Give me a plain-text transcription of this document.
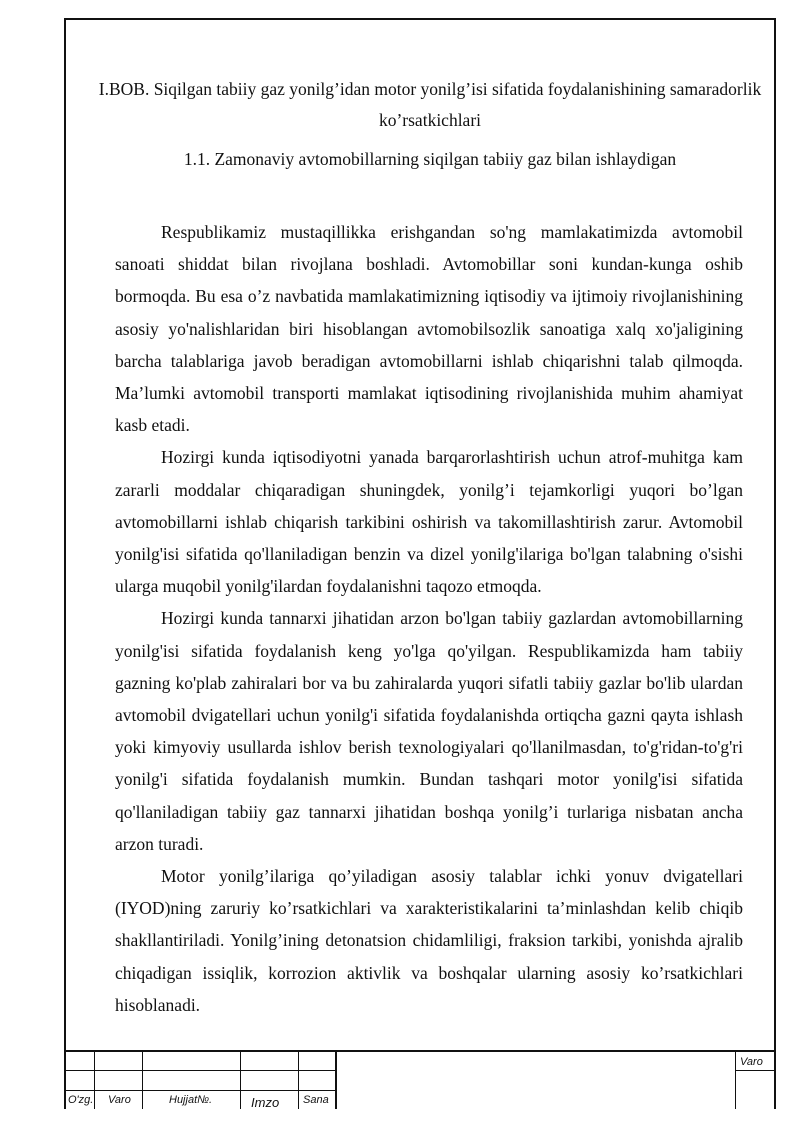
I.BOB. Siqilgan tabiiy gaz yonilg’idan motor yonilg’isi sifatida foydalanishining samaradorlik ko’rsatkichlari
1.1. Zamonaviy avtomobillarning siqilgan tabiiy gaz bilan ishlaydigan

Respublikamiz mustaqillikka erishgandan so'ng mamlakatimizda avtomobil sanoati shiddat bilan rivojlana boshladi. Avtomobillar soni kundan-kunga oshib bormoqda. Bu esa o’z navbatida mamlakatimizning iqtisodiy va ijtimoiy rivojlanishining asosiy yo'nalishlaridan biri hisoblangan avtomobilsozlik sanoatiga xalq xo'jaligining barcha talablariga javob beradigan avtomobillarni ishlab chiqarishni talab qilmoqda. Ma’lumki avtomobil transporti mamlakat iqtisodining rivojlanishida muhim ahamiyat kasb etadi.

Hozirgi kunda iqtisodiyotni yanada barqarorlashtirish uchun atrof-muhitga kam zararli moddalar chiqaradigan shuningdek, yonilg’i tejamkorligi yuqori bo’lgan avtomobillarni ishlab chiqarish tarkibini oshirish va takomillashtirish zarur. Avtomobil yonilg'isi sifatida qo'llaniladigan benzin va dizel yonilg'ilariga bo'lgan talabning o'sishi ularga muqobil yonilg'ilardan foydalanishni taqozo etmoqda.

Hozirgi kunda tannarxi jihatidan arzon bo'lgan tabiiy gazlardan avtomobillarning yonilg'isi sifatida foydalanish keng yo'lga qo'yilgan. Respublikamizda ham tabiiy gazning ko'plab zahiralari bor va bu zahiralarda yuqori sifatli tabiiy gazlar bo'lib ulardan avtomobil dvigatellari uchun yonilg'i sifatida foydalanishda ortiqcha gazni qayta ishlash yoki kimyoviy usullarda ishlov berish texnologiyalari qo'llanilmasdan, to'g'ridan-to'g'ri yonilg'i sifatida foydalanish mumkin. Bundan tashqari motor yonilg'isi sifatida qo'llaniladigan tabiiy gaz tannarxi jihatidan boshqa yonilg’i turlariga nisbatan ancha arzon turadi.

Motor yonilg’ilariga qo’yiladigan asosiy talablar ichki yonuv dvigatellari (IYOD)ning zaruriy ko’rsatkichlari va xarakteristikalarini ta’minlashdan kelib chiqib shakllantiriladi. Yonilg’ining detonatsion chidamliligi, fraksion tarkibi, yonishda ajralib chiqadigan issiqlik, korrozion aktivlik va boshqalar ularning asosiy ko’rsatkichlari hisoblanadi.

O'zg. Varo	Hujjat№.	Imzo Sana
Varo
